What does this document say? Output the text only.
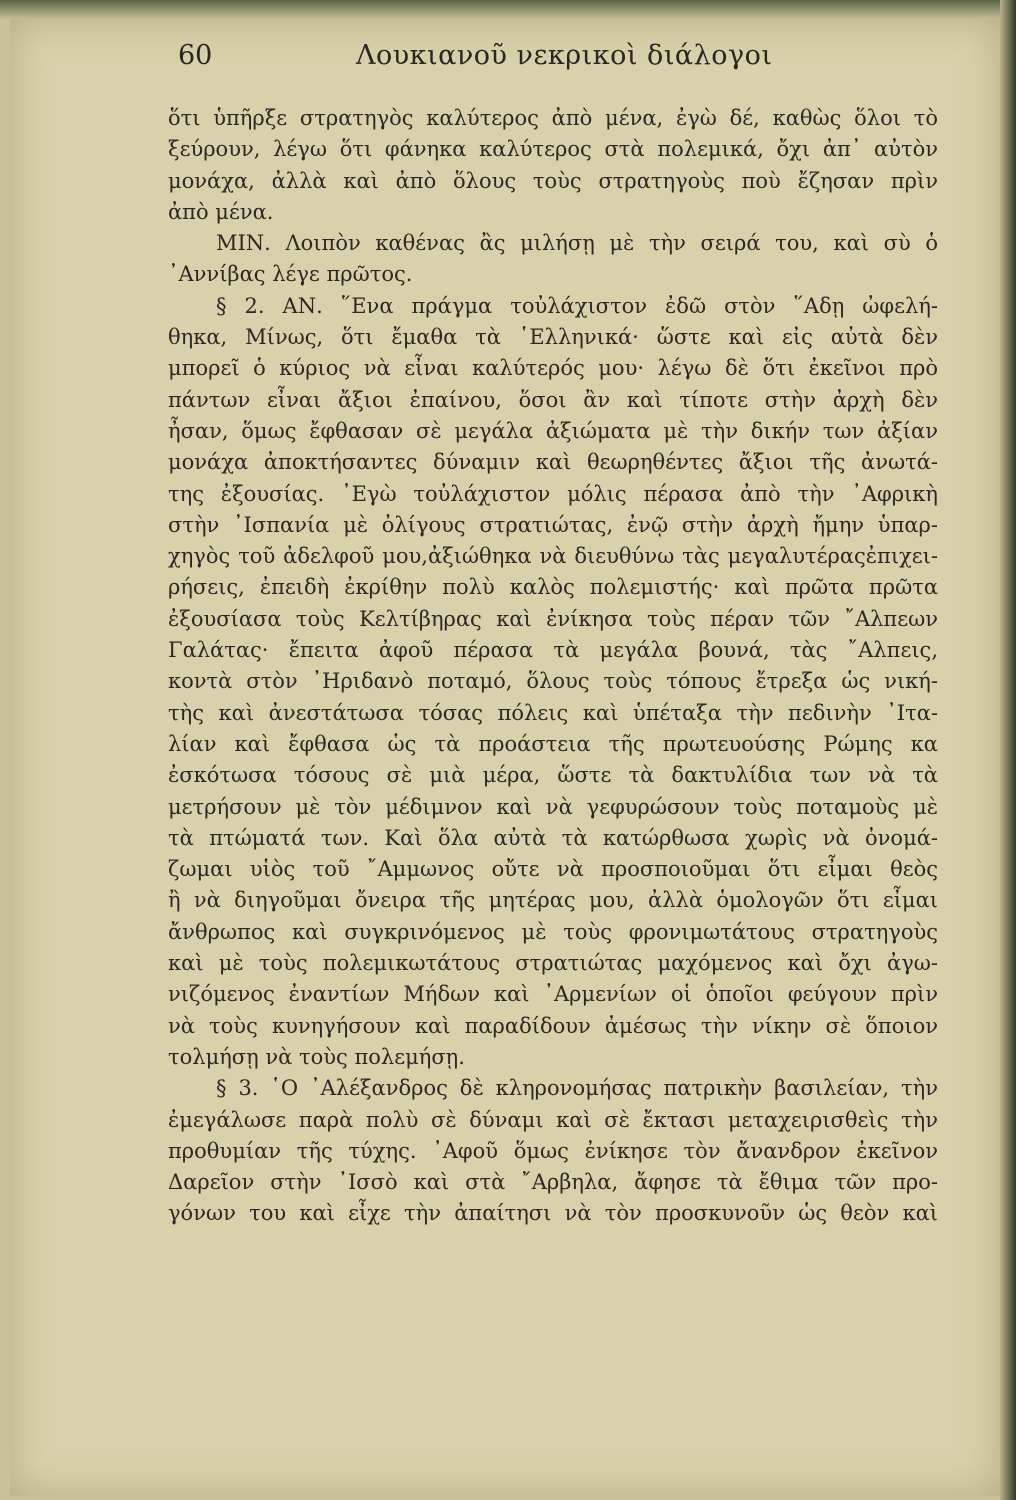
60	Λουκιανοῦ νεκρικοὶ διάλογοι
ὅτι ὑπῆρξε στρατηγὸς καλύτερος ἀπὸ μένα, ἐγὼ δέ, καθὼς ὅλοι τὸ
ξεύρουν, λέγω ὅτι φάνηκα καλύτερος στὰ πολεμικά, ὄχι ἀπ᾽ αὐτὸν
μονάχα, ἀλλὰ καὶ ἀπὸ ὅλους τοὺς στρατηγοὺς ποὺ ἔζησαν πρὶν
ἀπὸ μένα.
ΜΙΝ. Λοιπὸν καθένας ἂς μιλήσῃ μὲ τὴν σειρά του, καὶ σὺ ὁ
᾽Αννίβας λέγε πρῶτος.
§ 2. ΑΝ. ῞Ενα πράγμα τοὐλάχιστον ἐδῶ στὸν ῞Αδῃ ὠφελή-
θηκα, Μίνως, ὅτι ἔμαθα τὰ ῾Ελληνικά· ὥστε καὶ εἰς αὐτὰ δὲν
μπορεῖ ὁ κύριος νὰ εἶναι καλύτερός μου· λέγω δὲ ὅτι ἐκεῖνοι πρὸ
πάντων εἶναι ἄξιοι ἐπαίνου, ὅσοι ἂν καὶ τίποτε στὴν ἀρχὴ δὲν
ἦσαν, ὅμως ἔφθασαν σὲ μεγάλα ἀξιώματα μὲ τὴν δικήν των ἀξίαν
μονάχα ἀποκτήσαντες δύναμιν καὶ θεωρηθέντες ἄξιοι τῆς ἀνωτά-
της ἐξουσίας. ᾽Εγὼ τοὐλάχιστον μόλις πέρασα ἀπὸ τὴν ᾽Αφρικὴ
στὴν ᾽Ισπανία μὲ ὀλίγους στρατιώτας, ἐνῷ στὴν ἀρχὴ ἤμην ὑπαρ-
χηγὸς τοῦ ἀδελφοῦ μου,ἀξιώθηκα νὰ διευθύνω τὰς μεγαλυτέραςἐπιχει-
ρήσεις, ἐπειδὴ ἐκρίθην πολὺ καλὸς πολεμιστής· καὶ πρῶτα πρῶτα
ἐξουσίασα τοὺς Κελτίβηρας καὶ ἐνίκησα τοὺς πέραν τῶν ῎Αλπεων
Γαλάτας· ἔπειτα ἀφοῦ πέρασα τὰ μεγάλα βουνά, τὰς ῎Αλπεις,
κοντὰ στὸν ᾽Ηριδανὸ ποταμό, ὅλους τοὺς τόπους ἔτρεξα ὡς νική-
τὴς καὶ ἀνεστάτωσα τόσας πόλεις καὶ ὑπέταξα τὴν πεδινὴν ᾽Ιτα-
λίαν καὶ ἔφθασα ὡς τὰ προάστεια τῆς πρωτευούσης Ρώμης κα
ἐσκότωσα τόσους σὲ μιὰ μέρα, ὥστε τὰ δακτυλίδια των νὰ τὰ
μετρήσουν μὲ τὸν μέδιμνον καὶ νὰ γεφυρώσουν τοὺς ποταμοὺς μὲ
τὰ πτώματά των. Καὶ ὅλα αὐτὰ τὰ κατώρθωσα χωρὶς νὰ ὀνομά-
ζωμαι υἱὸς τοῦ ῎Αμμωνος οὔτε νὰ προσποιοῦμαι ὅτι εἶμαι θεὸς
ἢ νὰ διηγοῦμαι ὄνειρα τῆς μητέρας μου, ἀλλὰ ὁμολογῶν ὅτι εἶμαι
ἄνθρωπος καὶ συγκρινόμενος μὲ τοὺς φρονιμωτάτους στρατηγοὺς
καὶ μὲ τοὺς πολεμικωτάτους στρατιώτας μαχόμενος καὶ ὄχι ἀγω-
νιζόμενος ἐναντίων Μήδων καὶ ᾽Αρμενίων οἱ ὁποῖοι φεύγουν πρὶν
νὰ τοὺς κυνηγήσουν καὶ παραδίδουν ἀμέσως τὴν νίκην σὲ ὅποιον
τολμήσῃ νὰ τοὺς πολεμήσῃ.
§ 3. ῾Ο ᾽Αλέξανδρος δὲ κληρονομήσας πατρικὴν βασιλείαν, τὴν
ἐμεγάλωσε παρὰ πολὺ σὲ δύναμι καὶ σὲ ἔκτασι μεταχειρισθεὶς τὴν
προθυμίαν τῆς τύχης. ᾽Αφοῦ ὅμως ἐνίκησε τὸν ἄνανδρον ἐκεῖνον
Δαρεῖον στὴν ᾽Ισσὸ καὶ στὰ ῎Αρβηλα, ἄφησε τὰ ἔθιμα τῶν προ-
γόνων του καὶ εἶχε τὴν ἀπαίτησι νὰ τὸν προσκυνοῦν ὡς θεὸν καὶ
